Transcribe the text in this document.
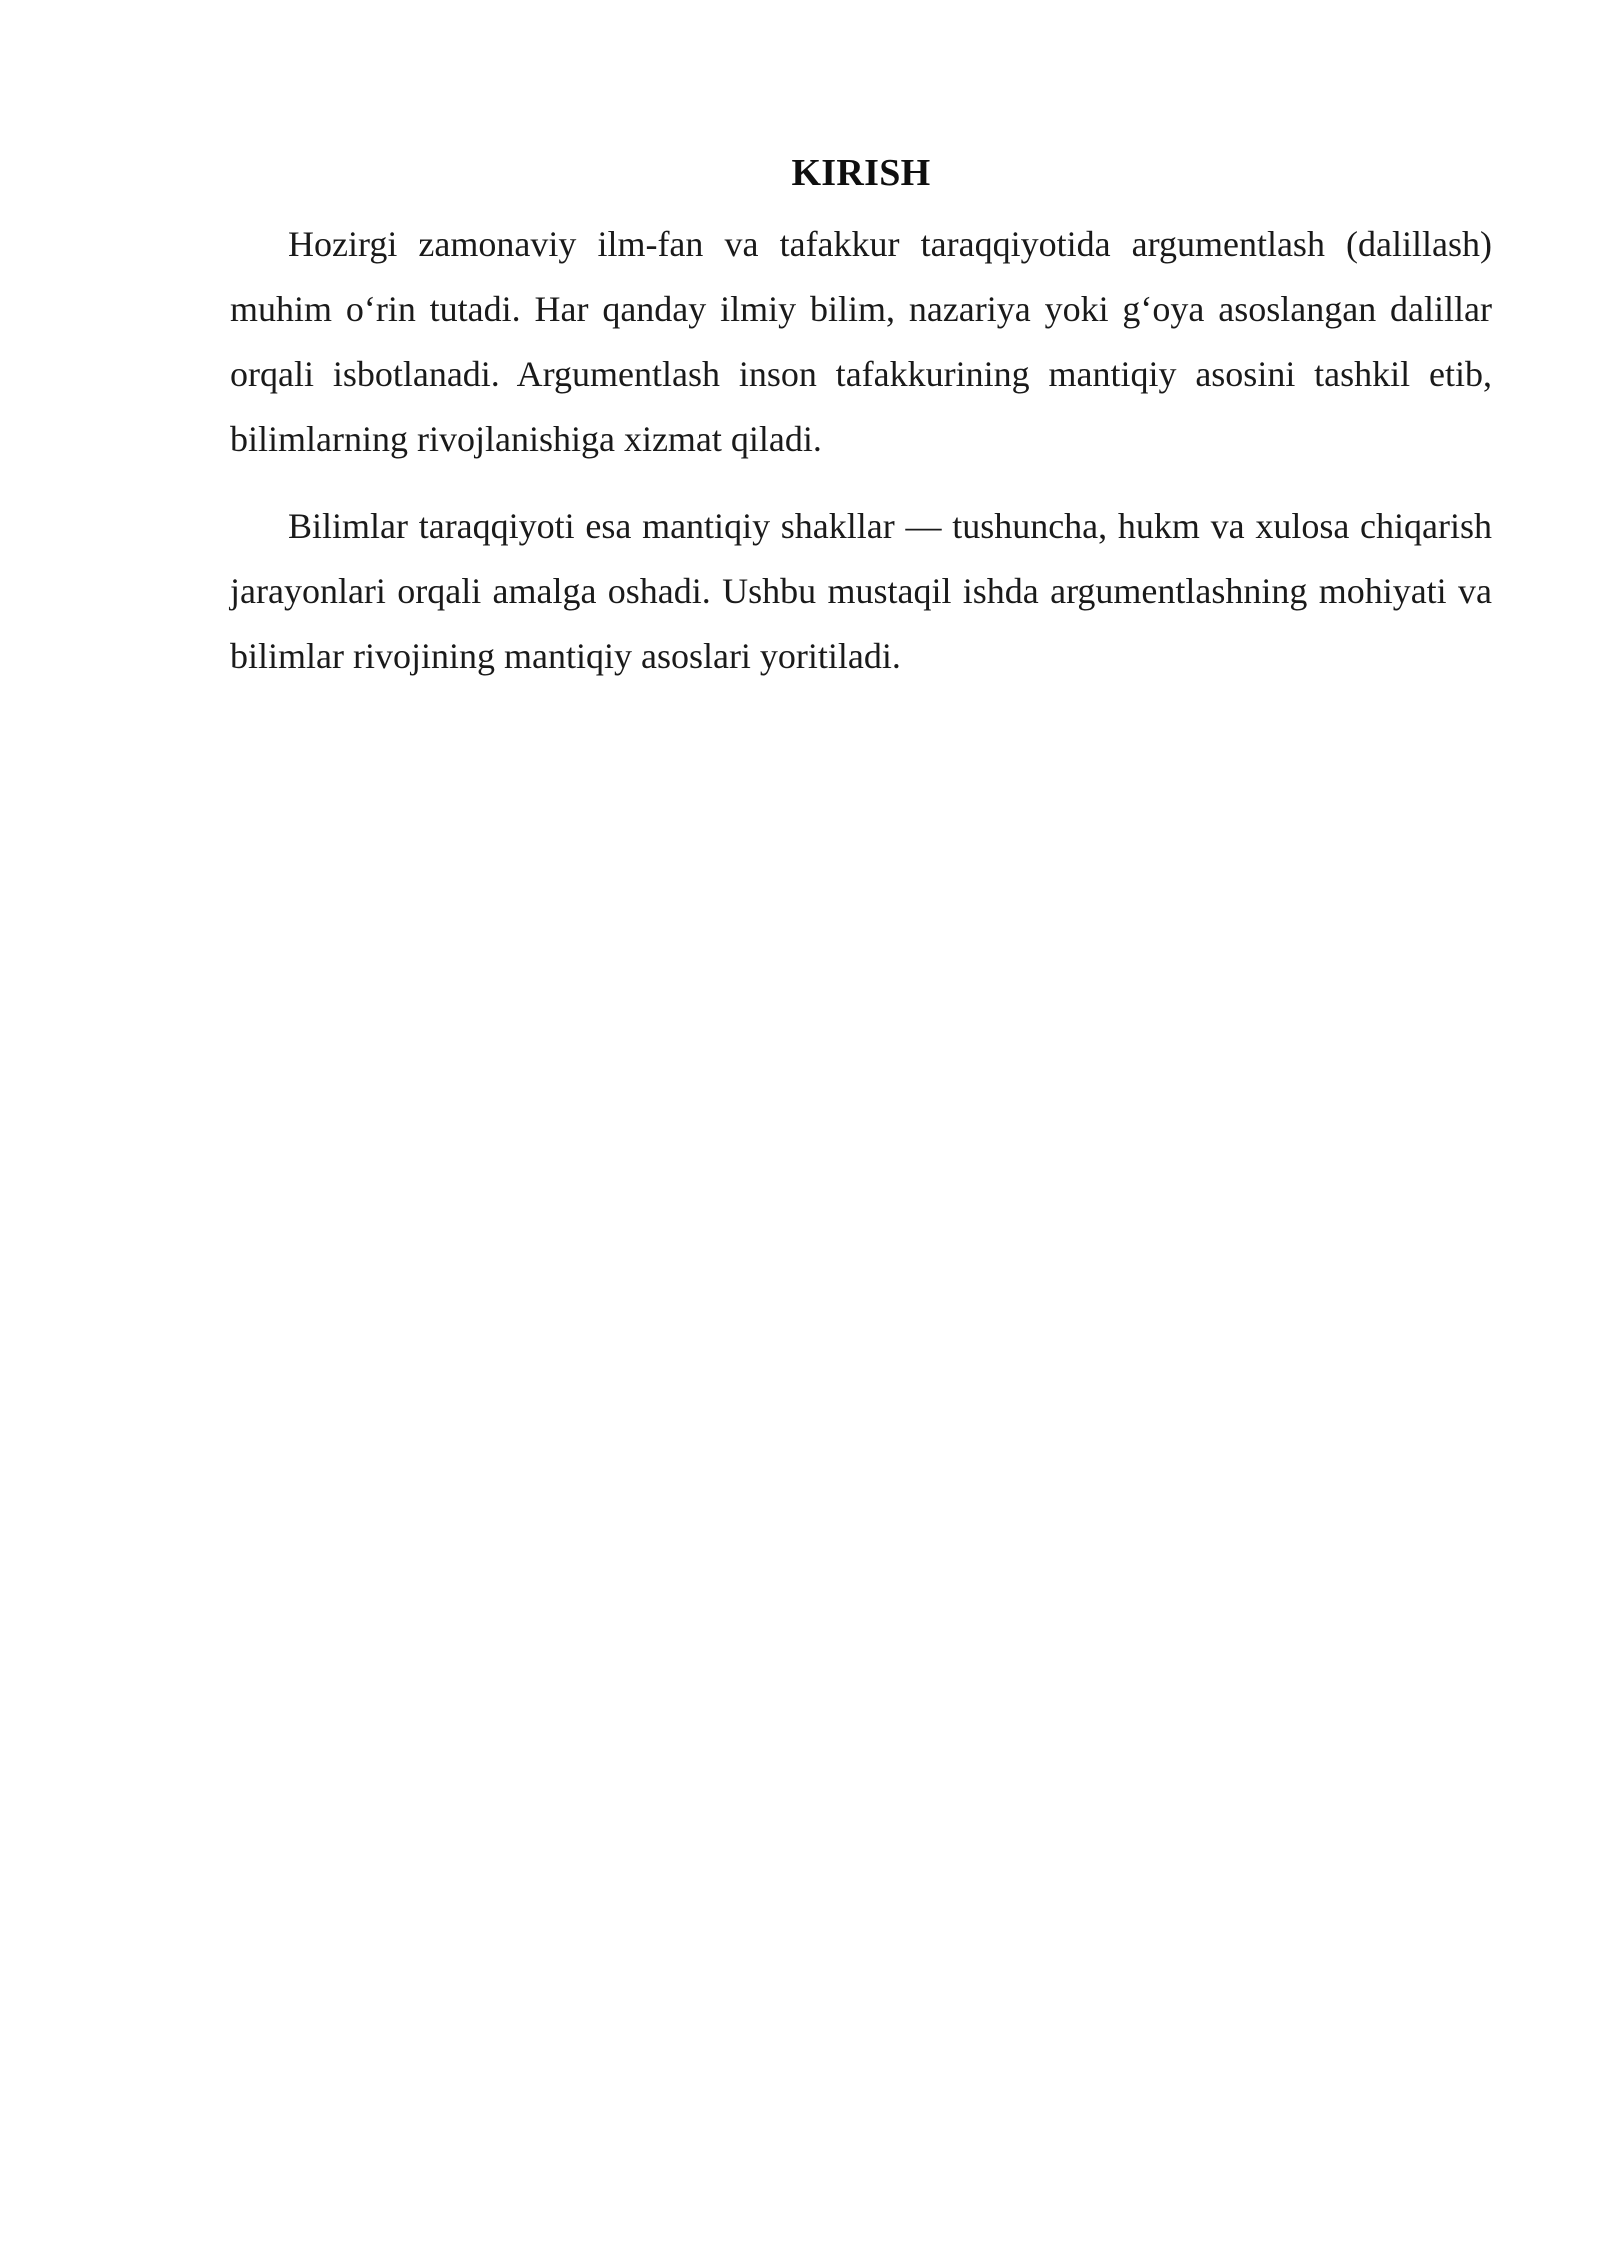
KIRISH

Hozirgi zamonaviy ilm-fan va tafakkur taraqqiyotida argumentlash (dalillash) muhim o‘rin tutadi. Har qanday ilmiy bilim, nazariya yoki g‘oya asoslangan dalillar orqali isbotlanadi. Argumentlash inson tafakkurining mantiqiy asosini tashkil etib, bilimlarning rivojlanishiga xizmat qiladi.

Bilimlar taraqqiyoti esa mantiqiy shakllar — tushuncha, hukm va xulosa chiqarish jarayonlari orqali amalga oshadi. Ushbu mustaqil ishda argumentlashning mohiyati va bilimlar rivojining mantiqiy asoslari yoritiladi.
